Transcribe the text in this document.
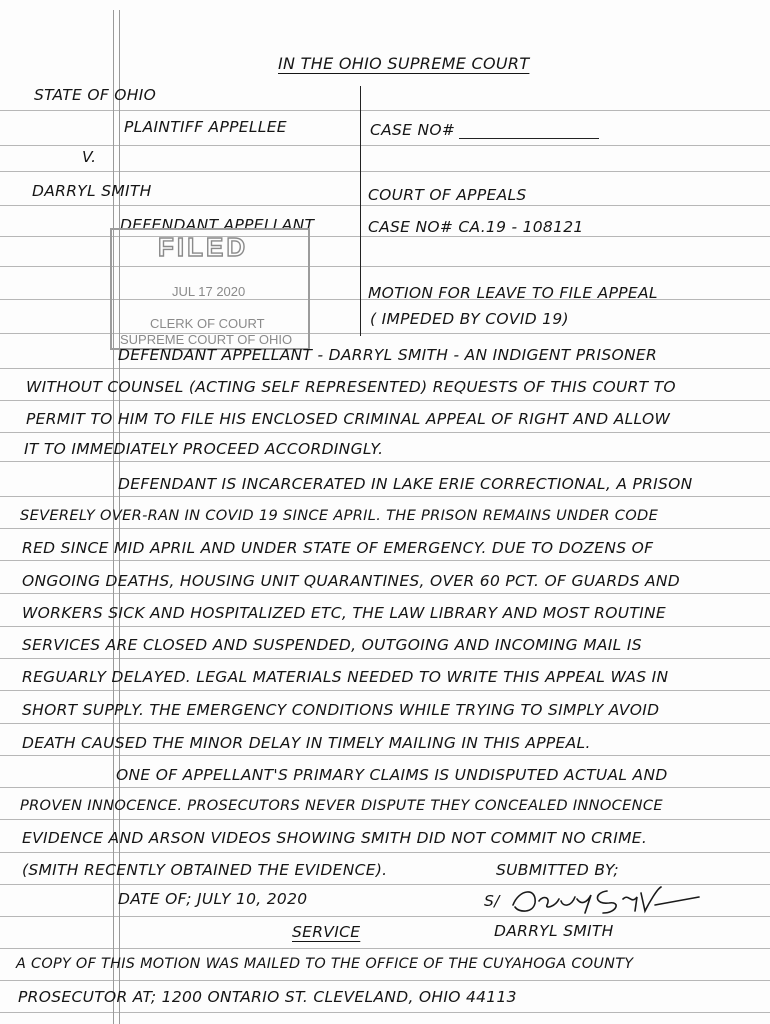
IN THE OHIO SUPREME COURT
STATE OF OHIO
PLAINTIFF APPELLEE
V.
DARRYL SMITH
DEFENDANT APPELLANT
CASE NO#
COURT OF APPEALS
CASE NO# CA.19 - 108121
MOTION FOR LEAVE TO FILE APPEAL
( IMPEDED BY COVID 19)
FILED
JUL 17 2020
CLERK OF COURT
SUPREME COURT OF OHIO
DEFENDANT APPELLANT - DARRYL SMITH - AN INDIGENT PRISONER
WITHOUT COUNSEL (ACTING SELF REPRESENTED) REQUESTS OF THIS COURT TO
PERMIT TO HIM TO FILE HIS ENCLOSED CRIMINAL APPEAL OF RIGHT AND ALLOW
IT TO IMMEDIATELY PROCEED ACCORDINGLY.
DEFENDANT IS INCARCERATED IN LAKE ERIE CORRECTIONAL, A PRISON
SEVERELY OVER-RAN IN COVID 19 SINCE APRIL. THE PRISON REMAINS UNDER CODE
RED SINCE MID APRIL AND UNDER STATE OF EMERGENCY. DUE TO DOZENS OF
ONGOING DEATHS, HOUSING UNIT QUARANTINES, OVER 60 PCT. OF GUARDS AND
WORKERS SICK AND HOSPITALIZED ETC, THE LAW LIBRARY AND MOST ROUTINE
SERVICES ARE CLOSED AND SUSPENDED, OUTGOING AND INCOMING MAIL IS
REGUARLY DELAYED. LEGAL MATERIALS NEEDED TO WRITE THIS APPEAL WAS IN
SHORT SUPPLY. THE EMERGENCY CONDITIONS WHILE TRYING TO SIMPLY AVOID
DEATH CAUSED THE MINOR DELAY IN TIMELY MAILING IN THIS APPEAL.
ONE OF APPELLANT'S PRIMARY CLAIMS IS UNDISPUTED ACTUAL AND
PROVEN INNOCENCE. PROSECUTORS NEVER DISPUTE THEY CONCEALED INNOCENCE
EVIDENCE AND ARSON VIDEOS SHOWING SMITH DID NOT COMMIT NO CRIME.
(SMITH RECENTLY OBTAINED THE EVIDENCE).	SUBMITTED BY;
DATE OF; JULY 10, 2020	S/
SERVICE	DARRYL SMITH
A COPY OF THIS MOTION WAS MAILED TO THE OFFICE OF THE CUYAHOGA COUNTY
PROSECUTOR AT; 1200 ONTARIO ST. CLEVELAND, OHIO 44113
